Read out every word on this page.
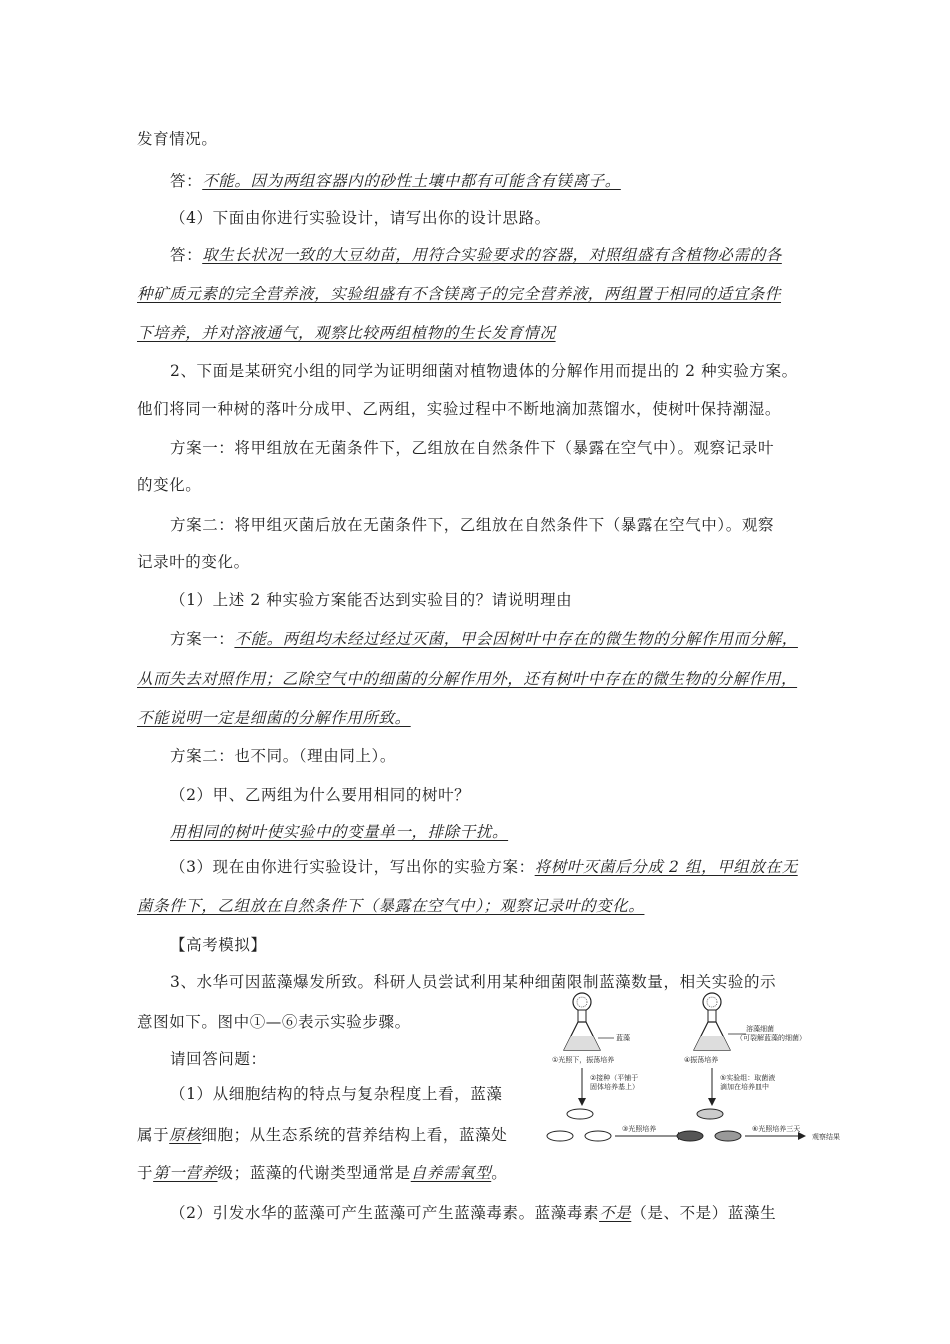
发育情况。
答：不能。因为两组容器内的砂性土壤中都有可能含有镁离子。
（4）下面由你进行实验设计，请写出你的设计思路。
答：取生长状况一致的大豆幼苗，用符合实验要求的容器，对照组盛有含植物必需的各
种矿质元素的完全营养液，实验组盛有不含镁离子的完全营养液，两组置于相同的适宜条件
下培养，并对溶液通气，观察比较两组植物的生长发育情况
2、下面是某研究小组的同学为证明细菌对植物遗体的分解作用而提出的 2 种实验方案。
他们将同一种树的落叶分成甲、乙两组，实验过程中不断地滴加蒸馏水，使树叶保持潮湿。
方案一：将甲组放在无菌条件下，乙组放在自然条件下（暴露在空气中）。观察记录叶
的变化。
方案二：将甲组灭菌后放在无菌条件下，乙组放在自然条件下（暴露在空气中）。观察
记录叶的变化。
（1）上述 2 种实验方案能否达到实验目的？请说明理由
方案一：不能。两组均未经过经过灭菌，甲会因树叶中存在的微生物的分解作用而分解，
从而失去对照作用；乙除空气中的细菌的分解作用外，还有树叶中存在的微生物的分解作用，
不能说明一定是细菌的分解作用所致。
方案二：也不同。（理由同上）。
（2）甲、乙两组为什么要用相同的树叶？
用相同的树叶使实验中的变量单一，排除干扰。
（3）现在由你进行实验设计，写出你的实验方案：将树叶灭菌后分成 2 组，甲组放在无
菌条件下，乙组放在自然条件下（暴露在空气中）；观察记录叶的变化。
【高考模拟】
3、水华可因蓝藻爆发所致。科研人员尝试利用某种细菌限制蓝藻数量，相关实验的示
意图如下。图中①—⑥表示实验步骤。
请回答问题：
（1）从细胞结构的特点与复杂程度上看，蓝藻
属于原核细胞；从生态系统的营养结构上看，蓝藻处
于第一营养级；蓝藻的代谢类型通常是自养需氧型。
（2）引发水华的蓝藻可产生蓝藻可产生蓝藻毒素。蓝藻毒素不是（是、不是）蓝藻生
蓝藻
①光照下，振荡培养
②接种（平铺于
固体培养基上）
③光照培养
溶藻细菌
（可裂解蓝藻的细菌）
④振荡培养
⑤实验组：取菌液
滴加在培养皿中
⑥光照培养三天
观察结果
